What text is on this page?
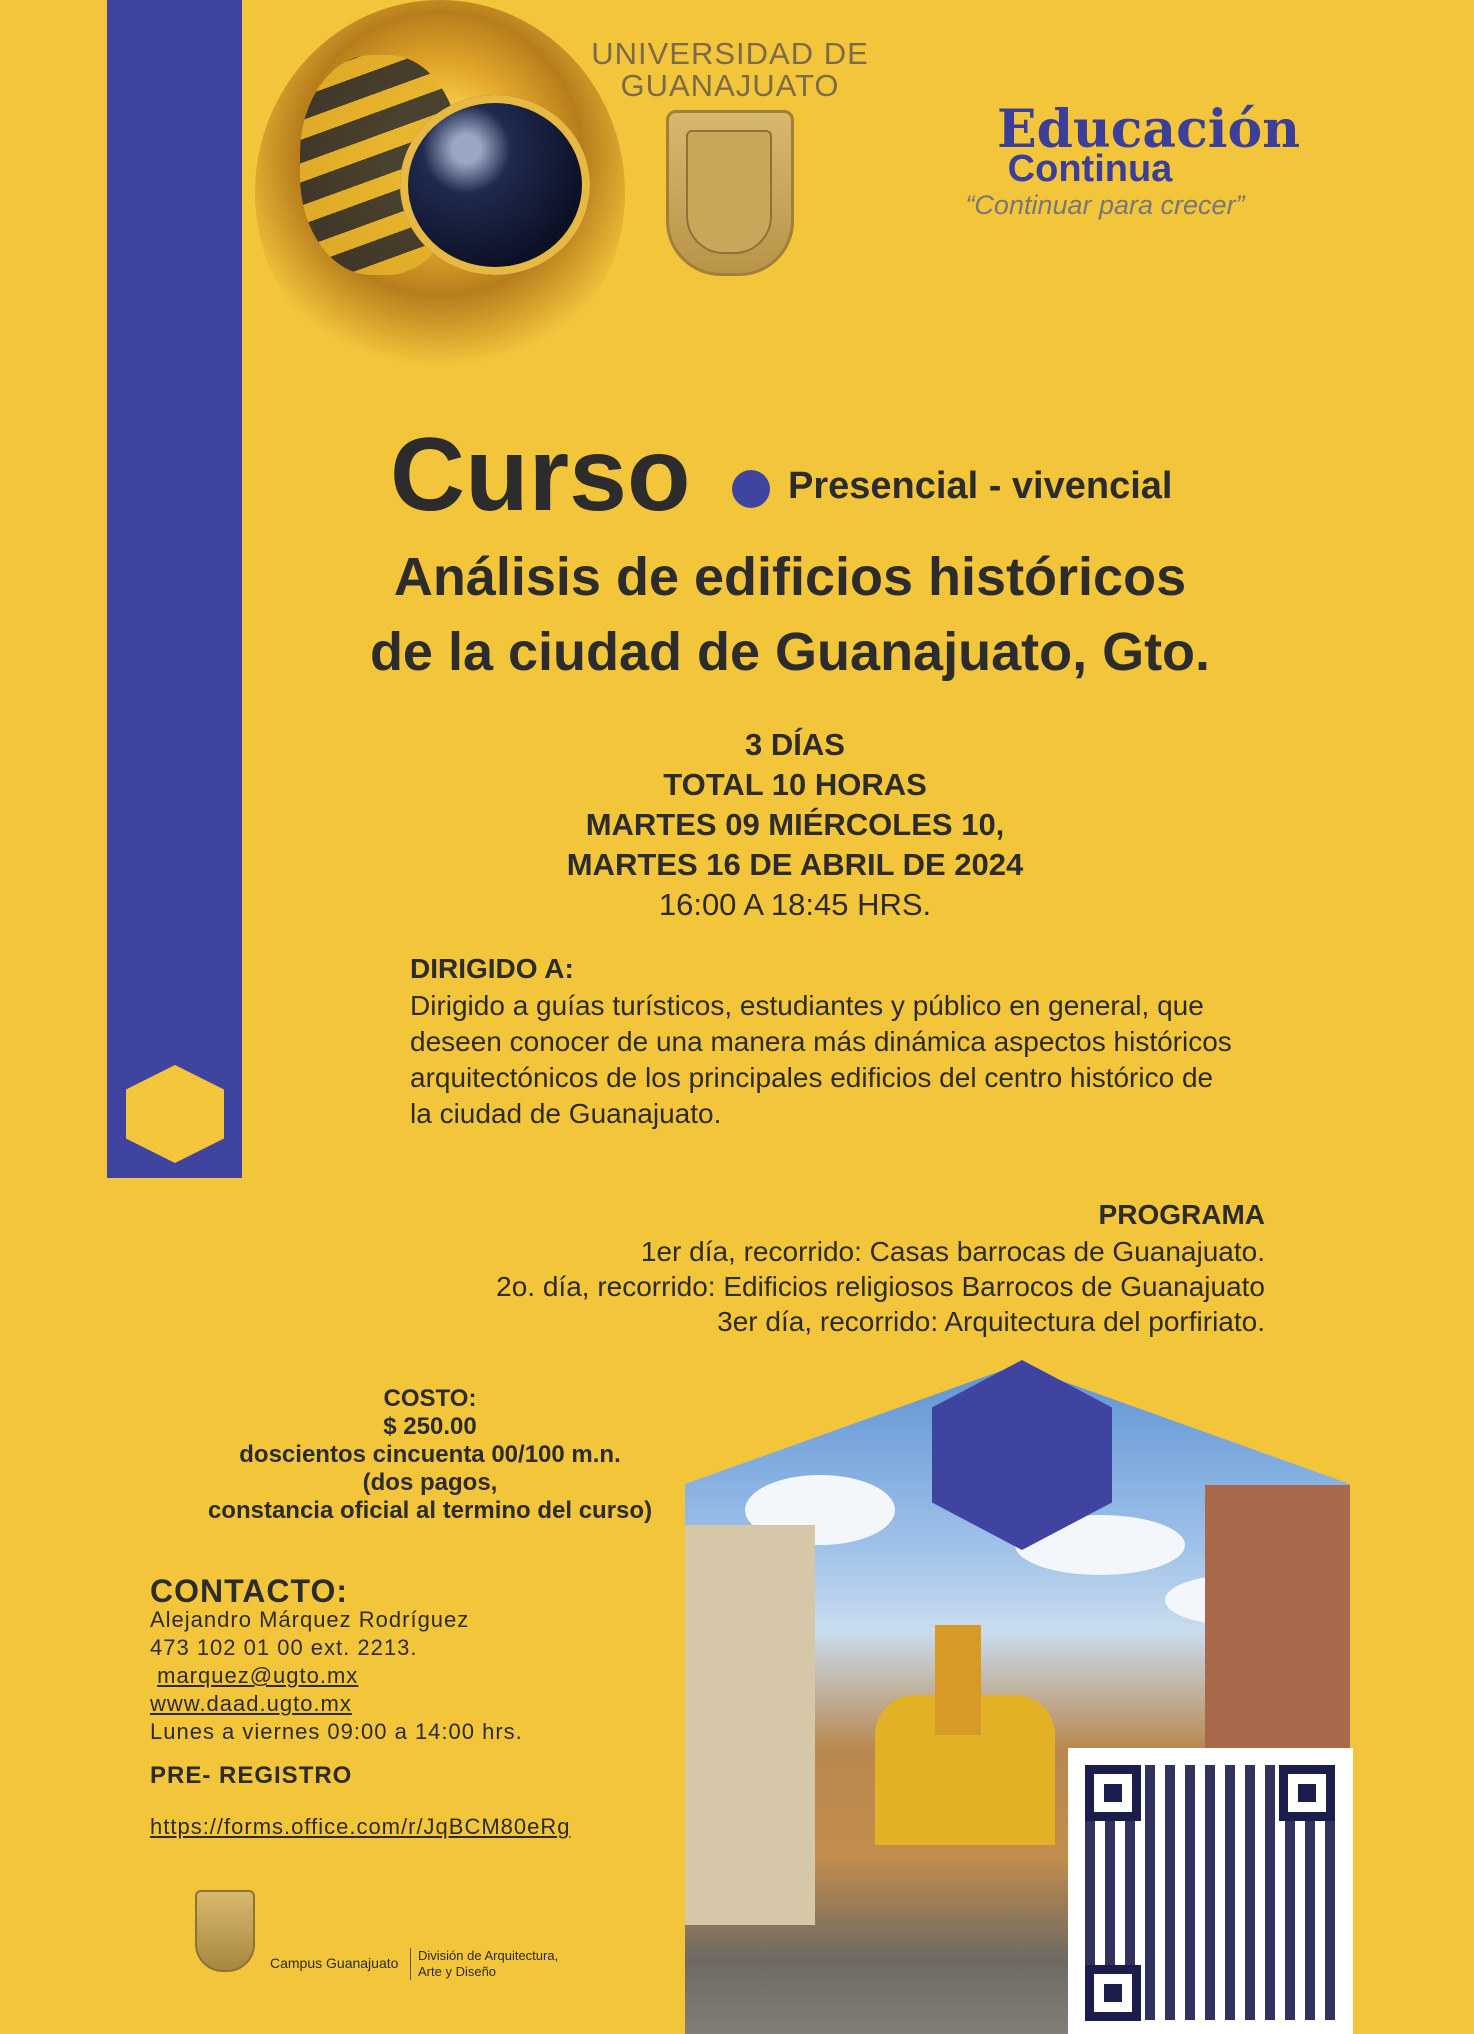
UNIVERSIDAD DE
GUANAJUATO
Educación
Continua
“Continuar para crecer”
Curso	Presencial - vivencial
Análisis de edificios históricos
de la ciudad de Guanajuato, Gto.
3 DÍAS
TOTAL 10 HORAS
MARTES 09 MIÉRCOLES 10,
MARTES 16 DE ABRIL DE 2024
16:00 A 18:45 HRS.
DIRIGIDO A:
Dirigido a guías turísticos, estudiantes y público en general, que deseen conocer de una manera más dinámica aspectos históricos arquitectónicos de los principales edificios del centro histórico de la ciudad de Guanajuato.
PROGRAMA
1er día, recorrido: Casas barrocas de Guanajuato.
2o. día, recorrido: Edificios religiosos Barrocos de Guanajuato
3er día, recorrido: Arquitectura del porfiriato.
COSTO:
$ 250.00
doscientos cincuenta 00/100 m.n.
(dos pagos,
constancia oficial al termino del curso)
CONTACTO:
Alejandro Márquez Rodríguez
473 102 01 00 ext. 2213.
marquez@ugto.mx
www.daad.ugto.mx
Lunes a viernes 09:00 a 14:00 hrs.
PRE- REGISTRO
https://forms.office.com/r/JqBCM80eRg
Campus Guanajuato División de Arquitectura,
Arte y Diseño
